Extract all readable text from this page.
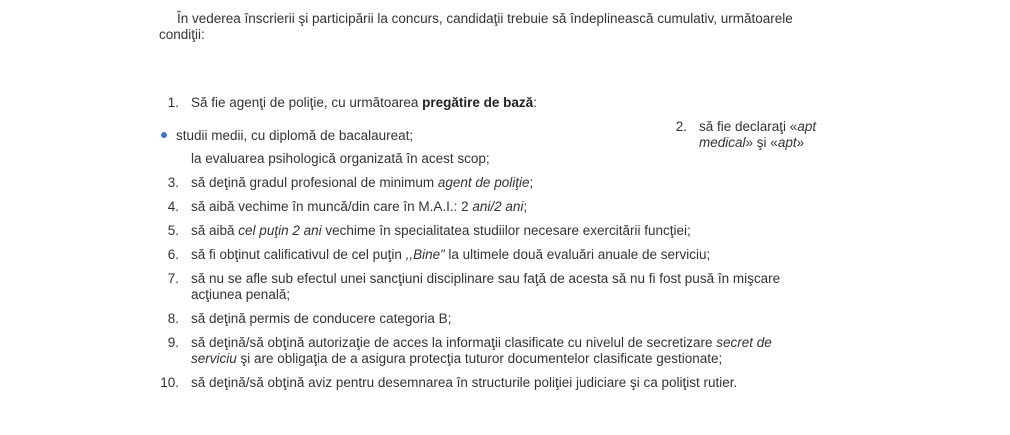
În vederea înscrierii şi participării la concurs, candidaţii trebuie să îndeplinească cumulativ, următoarele condiţii:
1. Să fie agenţi de poliţie, cu următoarea pregătire de bază:
studii medii, cu diplomă de bacalaureat;
la evaluarea psihologică organizată în acest scop;
2. să fie declaraţi «apt medical» şi «apt»
3. să deţină gradul profesional de minimum agent de poliţie;
4. să aibă vechime în muncă/din care în M.A.I.: 2 ani/2 ani;
5. să aibă cel puţin 2 ani vechime în specialitatea studiilor necesare exercitării funcţiei;
6. să fi obţinut calificativul de cel puţin ,,Bine” la ultimele două evaluări anuale de serviciu;
7. să nu se afle sub efectul unei sancţiuni disciplinare sau faţă de acesta să nu fi fost pusă în mişcare
acţiunea penală;
8. să deţină permis de conducere categoria B;
9. să deţină/să obţină autorizaţie de acces la informaţii clasificate cu nivelul de secretizare secret de serviciu şi are obligaţia de a asigura protecţia tuturor documentelor clasificate gestionate;
10. să deţină/să obţină aviz pentru desemnarea în structurile poliţiei judiciare şi ca poliţist rutier.
